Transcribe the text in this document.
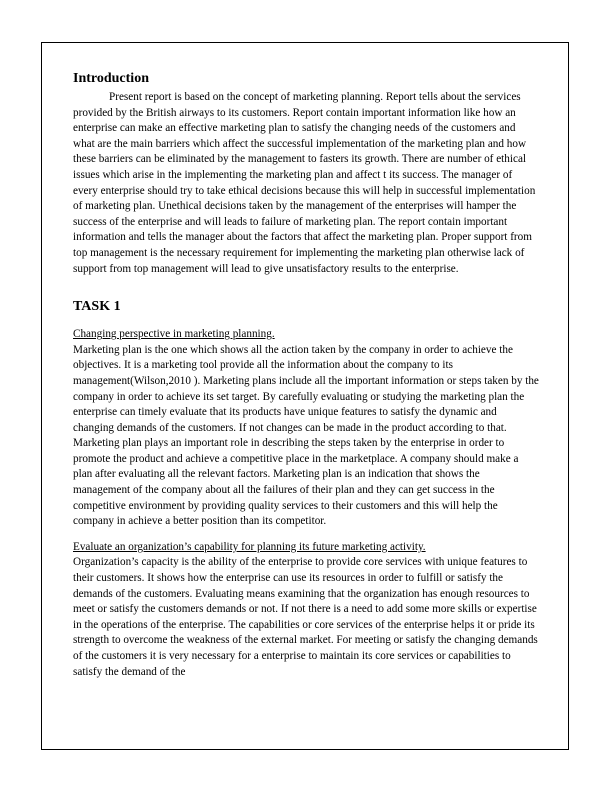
Introduction

Present report is based on the concept of marketing planning. Report tells about the services provided by the British airways to its customers. Report contain important information like how an enterprise can make an effective marketing plan to satisfy the changing needs of the customers and what are the main barriers which affect the successful implementation of the marketing plan and how these barriers can be eliminated by the management to fasters its growth. There are number of ethical issues which arise in the implementing the marketing plan and affect t its success. The manager of every enterprise should try to take ethical decisions because this will help in successful implementation of marketing plan. Unethical decisions taken by the management of the enterprises will hamper the success of the enterprise and will leads to failure of marketing plan. The report contain important information and tells the manager about the factors that affect the marketing plan. Proper support from top management is the necessary requirement for implementing the marketing plan otherwise lack of support from top management will lead to give unsatisfactory results to the enterprise.

TASK 1
Changing perspective in marketing planning.

Marketing plan is the one which shows all the action taken by the company in order to achieve the objectives. It is a marketing tool provide all the information about the company to its management(Wilson,2010 ). Marketing plans include all the important information or steps taken by the company in order to achieve its set target. By carefully evaluating or studying the marketing plan the enterprise can timely evaluate that its products have unique features to satisfy the dynamic and changing demands of the customers. If not changes can be made in the product according to that. Marketing plan plays an important role in describing the steps taken by the enterprise in order to promote the product and achieve a competitive place in the marketplace. A company should make a plan after evaluating all the relevant factors. Marketing plan is an indication that shows the management of the company about all the failures of their plan and they can get success in the competitive environment by providing quality services to their customers and this will help the company in achieve a better position than its competitor.

Evaluate an organization’s capability for planning its future marketing activity.

Organization’s capacity is the ability of the enterprise to provide core services with unique features to their customers. It shows how the enterprise can use its resources in order to fulfill or satisfy the demands of the customers. Evaluating means examining that the organization has enough resources to meet or satisfy the customers demands or not. If not there is a need to add some more skills or expertise in the operations of the enterprise. The capabilities or core services of the enterprise helps it or pride its strength to overcome the weakness of the external market. For meeting or satisfy the changing demands of the customers it is very necessary for a enterprise to maintain its core services or capabilities to satisfy the demand of the
